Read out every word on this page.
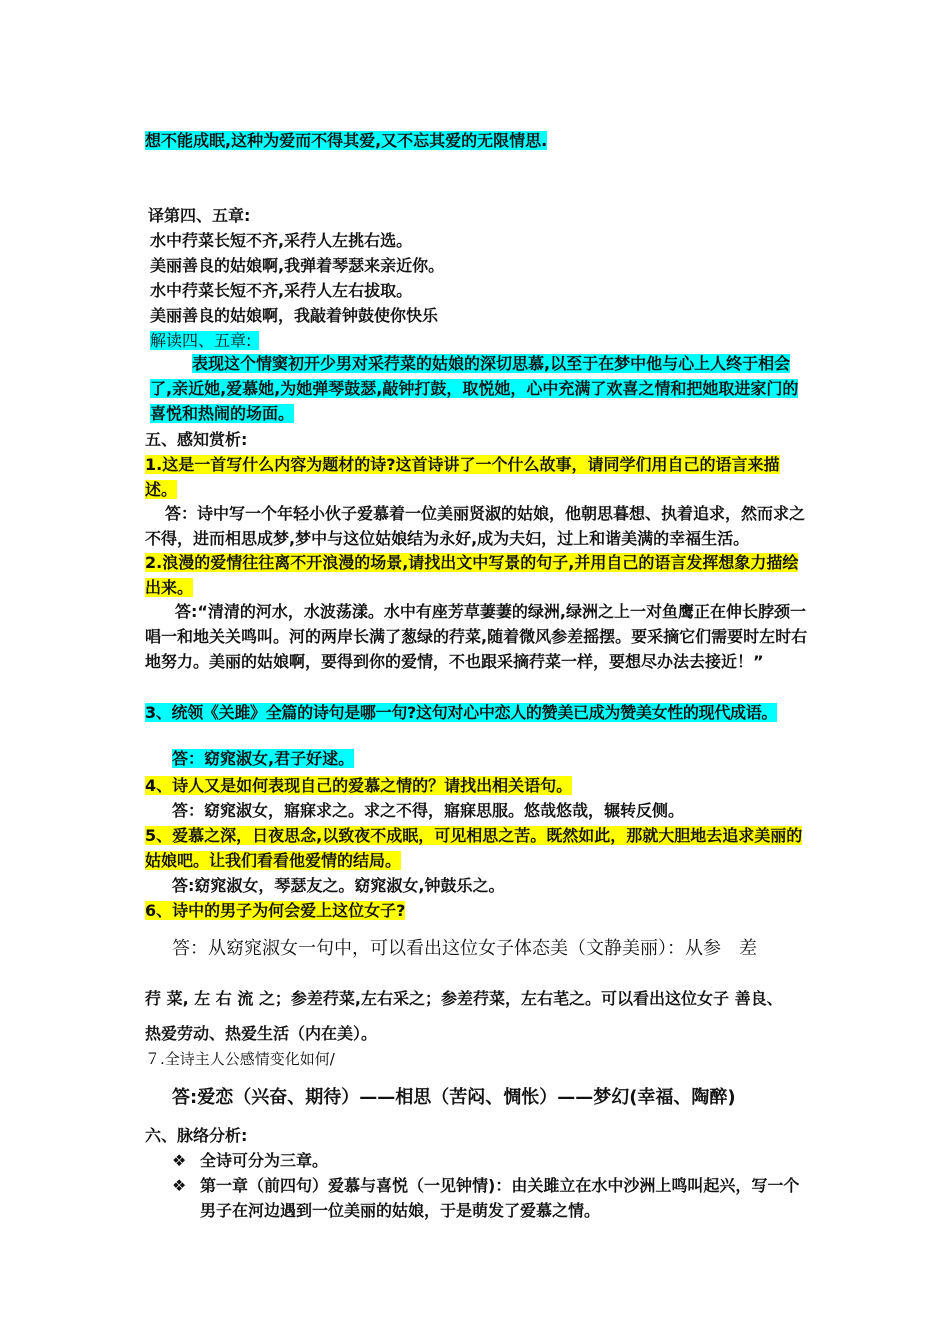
想不能成眠,这种为爱而不得其爱,又不忘其爱的无限情思.
译第四、五章:
水中荇菜长短不齐,采荇人左挑右选。
美丽善良的姑娘啊,我弹着琴瑟来亲近你。
水中荇菜长短不齐,采荇人左右拔取。
美丽善良的姑娘啊，我敲着钟鼓使你快乐
解读四、五章:
表现这个情窦初开少男对采荇菜的姑娘的深切思慕,以至于在梦中他与心上人终于相会了,亲近她,爱慕她,为她弹琴鼓瑟,敲钟打鼓，取悦她，心中充满了欢喜之情和把她取进家门的喜悦和热闹的场面。
五、感知赏析:
1.这是一首写什么内容为题材的诗?这首诗讲了一个什么故事，请同学们用自己的语言来描述。
答：诗中写一个年轻小伙子爱慕着一位美丽贤淑的姑娘，他朝思暮想、执着追求，然而求之不得，进而相思成梦,梦中与这位姑娘结为永好,成为夫妇，过上和谐美满的幸福生活。
2.浪漫的爱情往往离不开浪漫的场景,请找出文中写景的句子,并用自己的语言发挥想象力描绘出来。
答:“清清的河水，水波荡漾。水中有座芳草萋萋的绿洲,绿洲之上一对鱼鹰正在伸长脖颈一唱一和地关关鸣叫。河的两岸长满了葱绿的荇菜,随着微风参差摇摆。要采摘它们需要时左时右地努力。美丽的姑娘啊，要得到你的爱情，不也跟采摘荇菜一样，要想尽办法去接近！”
3、统领《关雎》全篇的诗句是哪一句?这句对心中恋人的赞美已成为赞美女性的现代成语。
答：窈窕淑女,君子好逑。
4、诗人又是如何表现自己的爱慕之情的？请找出相关语句。
答：窈窕淑女，寤寐求之。求之不得，寤寐思服。悠哉悠哉，辗转反侧。
5、爱慕之深，日夜思念,以致夜不成眠，可见相思之苦。既然如此，那就大胆地去追求美丽的姑娘吧。让我们看看他爱情的结局。
答:窈窕淑女，琴瑟友之。窈窕淑女,钟鼓乐之。
6、诗中的男子为何会爱上这位女子?
答：从窈窕淑女一句中，可以看出这位女子体态美（文静美丽）：从参　差
荇 菜, 左 右 流 之；参差荇菜,左右采之；参差荇菜，左右芼之。可以看出这位女子 善良、
热爱劳动、热爱生活（内在美）。
７.全诗主人公感情变化如何/
答:爱恋（兴奋、期待）——相思（苦闷、惆怅）——梦幻(幸福、陶醉)
六、脉络分析:
❖ 全诗可分为三章。
❖ 第一章（前四句）爱慕与喜悦（一见钟情)：由关雎立在水中沙洲上鸣叫起兴，写一个男子在河边遇到一位美丽的姑娘，于是萌发了爱慕之情。
